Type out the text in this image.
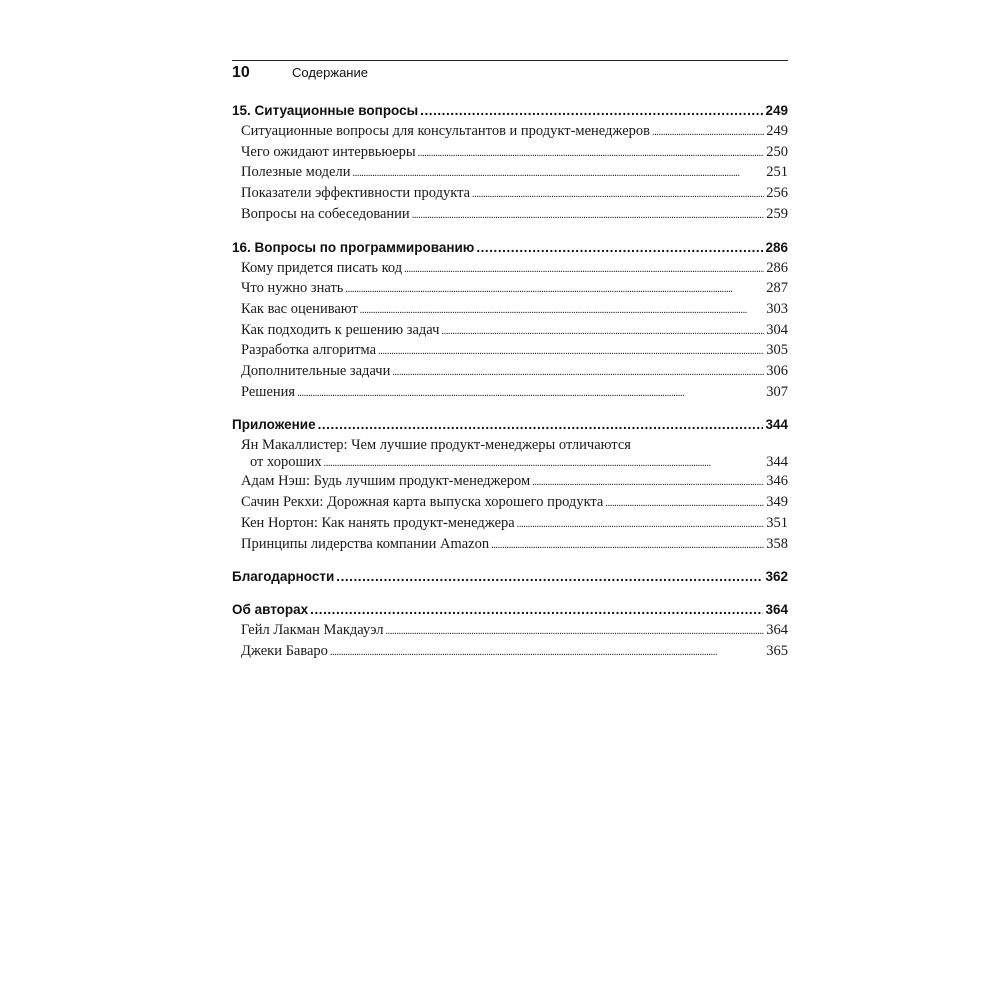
10	Содержание
15. Ситуационные вопросы . . .	249
Ситуационные вопросы для консультантов и продукт-менеджеров . . .	249
Чего ожидают интервьюеры . . .	250
Полезные модели . . .	251
Показатели эффективности продукта . . .	256
Вопросы на собеседовании . . .	259
16. Вопросы по программированию . . .	286
Кому придется писать код . . .	286
Что нужно знать . . .	287
Как вас оценивают . . .	303
Как подходить к решению задач . . .	304
Разработка алгоритма . . .	305
Дополнительные задачи . . .	306
Решения . . .	307
Приложение . . .	344
Ян Макаллистер: Чем лучшие продукт-менеджеры отличаются
от хороших . . .	344
Адам Нэш: Будь лучшим продукт-менеджером . . .	346
Сачин Рекхи: Дорожная карта выпуска хорошего продукта . . .	349
Кен Нортон: Как нанять продукт-менеджера . . .	351
Принципы лидерства компании Amazon . . .	358
Благодарности . . .	362
Об авторах . . .	364
Гейл Лакман Макдауэл . . .	364
Джеки Баваро . . .	365
